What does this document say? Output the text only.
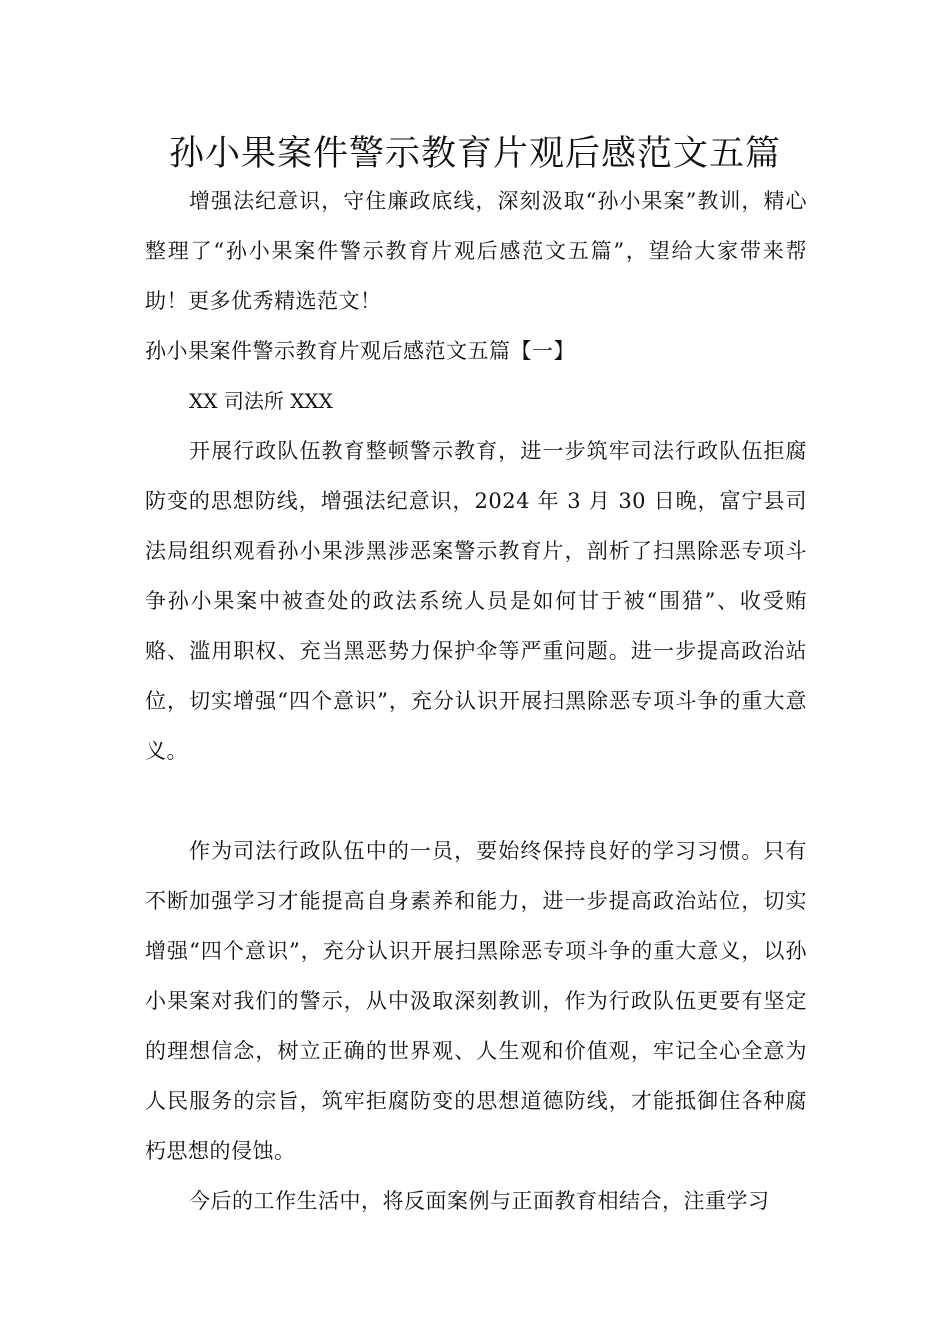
孙小果案件警示教育片观后感范文五篇

增强法纪意识，守住廉政底线，深刻汲取“孙小果案”教训，精心整理了“孙小果案件警示教育片观后感范文五篇”，望给大家带来帮助！更多优秀精选范文！

孙小果案件警示教育片观后感范文五篇【一】

XX 司法所 XXX

开展行政队伍教育整顿警示教育，进一步筑牢司法行政队伍拒腐防变的思想防线，增强法纪意识，2024 年 3 月 30 日晚，富宁县司法局组织观看孙小果涉黑涉恶案警示教育片，剖析了扫黑除恶专项斗争孙小果案中被查处的政法系统人员是如何甘于被“围猎”、收受贿赂、滥用职权、充当黑恶势力保护伞等严重问题。进一步提高政治站位，切实增强“四个意识”，充分认识开展扫黑除恶专项斗争的重大意义。

作为司法行政队伍中的一员，要始终保持良好的学习习惯。只有不断加强学习才能提高自身素养和能力，进一步提高政治站位，切实增强“四个意识”，充分认识开展扫黑除恶专项斗争的重大意义，以孙小果案对我们的警示，从中汲取深刻教训，作为行政队伍更要有坚定的理想信念，树立正确的世界观、人生观和价值观，牢记全心全意为人民服务的宗旨，筑牢拒腐防变的思想道德防线，才能抵御住各种腐朽思想的侵蚀。

今后的工作生活中，将反面案例与正面教育相结合，注重学习
